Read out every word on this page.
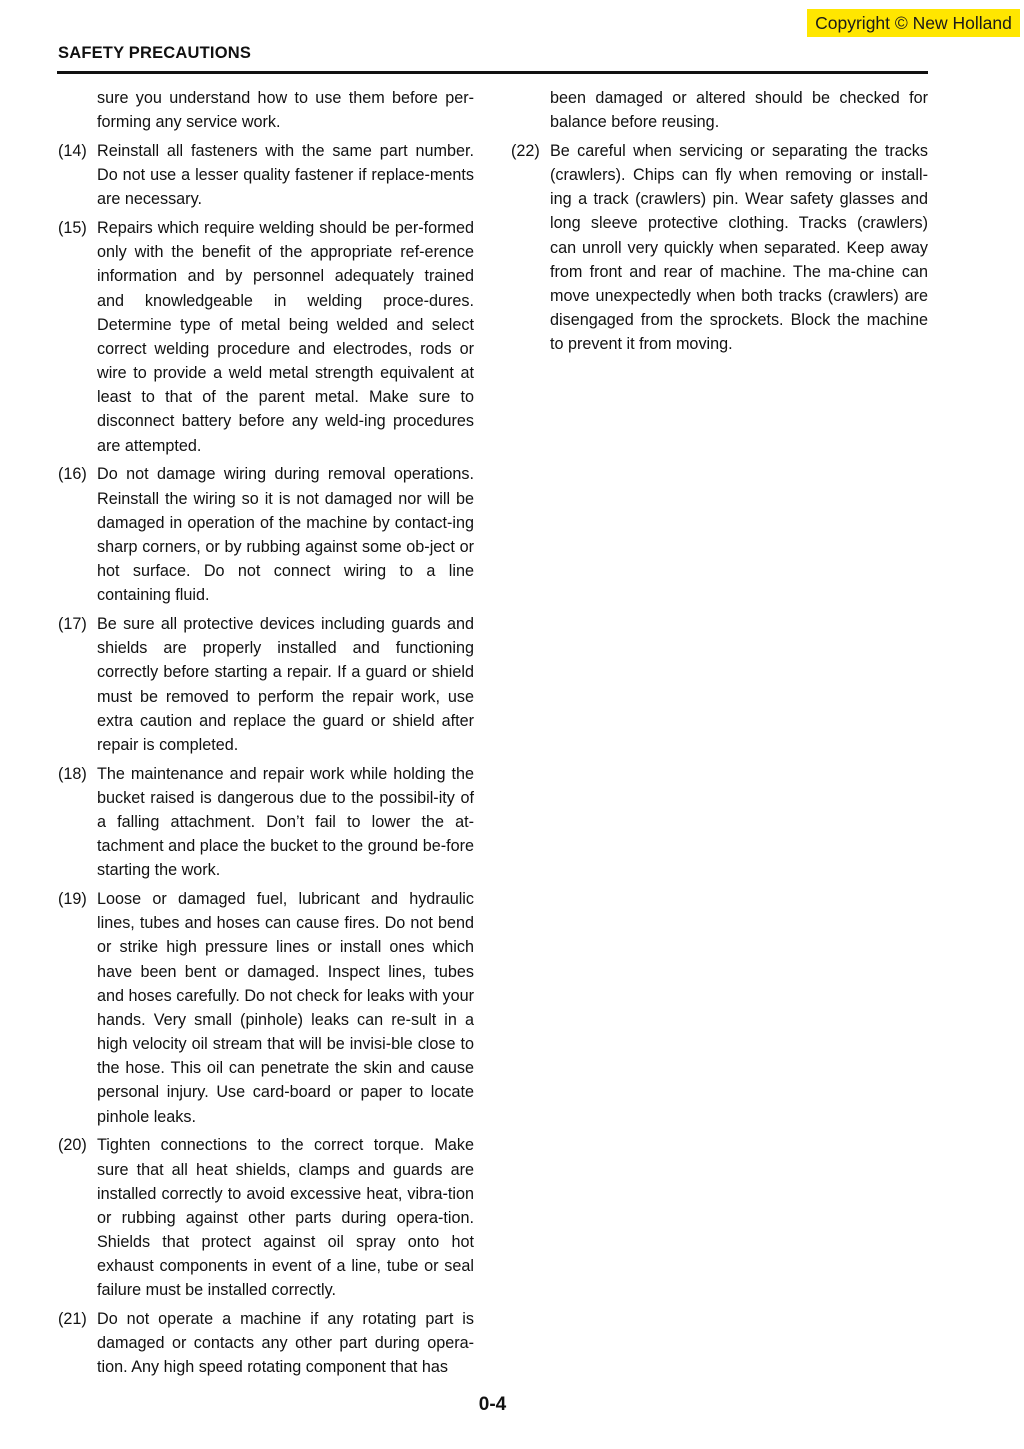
Copyright © New Holland
SAFETY PRECAUTIONS
sure you understand how to use them before per-forming any service work.
(14) Reinstall all fasteners with the same part number. Do not use a lesser quality fastener if replace-ments are necessary.
(15) Repairs which require welding should be per-formed only with the benefit of the appropriate ref-erence information and by personnel adequately trained and knowledgeable in welding proce-dures. Determine type of metal being welded and select correct welding procedure and electrodes, rods or wire to provide a weld metal strength equivalent at least to that of the parent metal. Make sure to disconnect battery before any weld-ing procedures are attempted.
(16) Do not damage wiring during removal operations. Reinstall the wiring so it is not damaged nor will be damaged in operation of the machine by contact-ing sharp corners, or by rubbing against some ob-ject or hot surface. Do not connect wiring to a line containing fluid.
(17) Be sure all protective devices including guards and shields are properly installed and functioning correctly before starting a repair. If a guard or shield must be removed to perform the repair work, use extra caution and replace the guard or shield after repair is completed.
(18) The maintenance and repair work while holding the bucket raised is dangerous due to the possibil-ity of a falling attachment. Don’t fail to lower the at-tachment and place the bucket to the ground be-fore starting the work.
(19) Loose or damaged fuel, lubricant and hydraulic lines, tubes and hoses can cause fires. Do not bend or strike high pressure lines or install ones which have been bent or damaged. Inspect lines, tubes and hoses carefully. Do not check for leaks with your hands. Very small (pinhole) leaks can re-sult in a high velocity oil stream that will be invisi-ble close to the hose. This oil can penetrate the skin and cause personal injury. Use card-board or paper to locate pinhole leaks.
(20) Tighten connections to the correct torque. Make sure that all heat shields, clamps and guards are installed correctly to avoid excessive heat, vibra-tion or rubbing against other parts during opera-tion. Shields that protect against oil spray onto hot exhaust components in event of a line, tube or seal failure must be installed correctly.
(21) Do not operate a machine if any rotating part is damaged or contacts any other part during opera-tion. Any high speed rotating component that has
been damaged or altered should be checked for balance before reusing.
(22) Be careful when servicing or separating the tracks (crawlers). Chips can fly when removing or install-ing a track (crawlers) pin. Wear safety glasses and long sleeve protective clothing. Tracks (crawlers) can unroll very quickly when separated. Keep away from front and rear of machine. The ma-chine can move unexpectedly when both tracks (crawlers) are disengaged from the sprockets. Block the machine to prevent it from moving.
0-4
